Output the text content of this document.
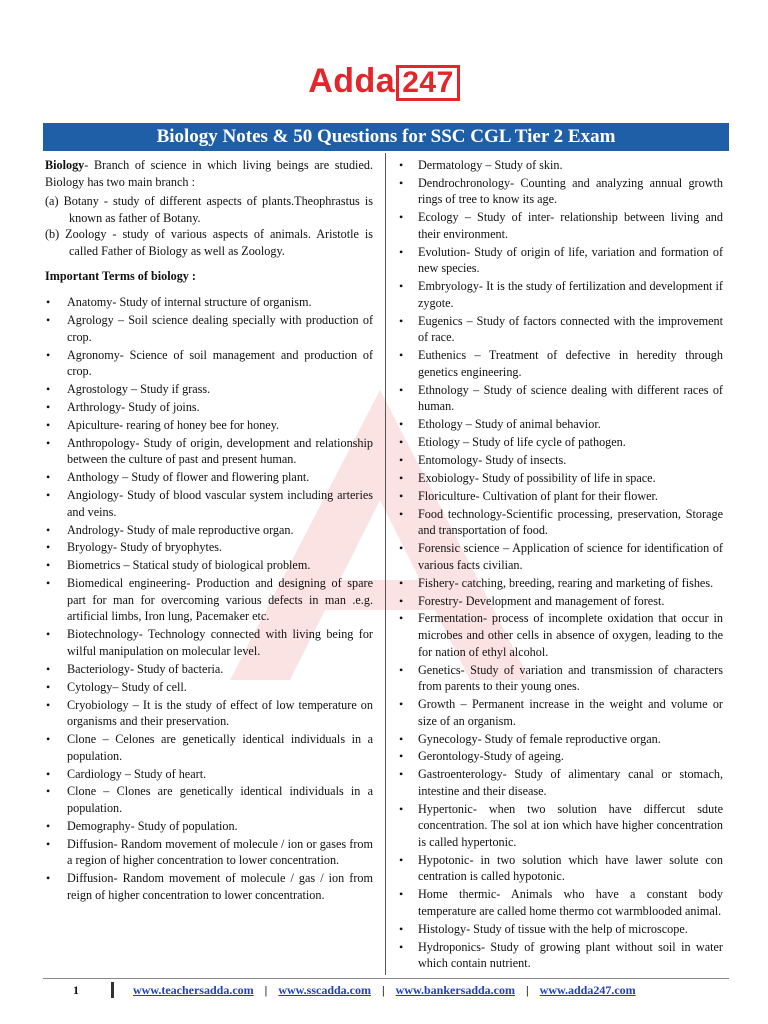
Adda 247
Biology Notes & 50 Questions for SSC CGL Tier 2 Exam

Biology- Branch of science in which living beings are studied. Biology has two main branch :

(a) Botany - study of different aspects of plants.Theophrastus is known as father of Botany.

(b) Zoology - study of various aspects of animals. Aristotle is called Father of Biology as well as Zoology.

Important Terms of biology :

• Anatomy- Study of internal structure of organism.
• Agrology – Soil science dealing specially with production of crop.
• Agronomy- Science of soil management and production of crop.
• Agrostology – Study if grass.
• Arthrology- Study of joins.
• Apiculture- rearing of honey bee for honey.
• Anthropology- Study of origin, development and relationship between the culture of past and present human.
• Anthology – Study of flower and flowering plant.
• Angiology- Study of blood vascular system including arteries and veins.
• Andrology- Study of male reproductive organ.
• Bryology- Study of bryophytes.
• Biometrics – Statical study of biological problem.
• Biomedical engineering- Production and designing of spare part for man for overcoming various defects in man .e.g. artificial limbs, Iron lung, Pacemaker etc.
• Biotechnology- Technology connected with living being for wilful manipulation on molecular level.
• Bacteriology- Study of bacteria.
• Cytology– Study of cell.
• Cryobiology – It is the study of effect of low temperature on organisms and their preservation.
• Clone – Celones are genetically identical individuals in a population.
• Cardiology – Study of heart.
• Clone – Clones are genetically identical individuals in a population.
• Demography- Study of population.
• Diffusion- Random movement of molecule / ion or gases from a region of higher concentration to lower concentration.
• Diffusion- Random movement of molecule / gas / ion from reign of higher concentration to lower concentration.
• Dermatology – Study of skin.
• Dendrochronology- Counting and analyzing annual growth rings of tree to know its age.
• Ecology – Study of inter- relationship between living and their environment.
• Evolution- Study of origin of life, variation and formation of new species.
• Embryology- It is the study of fertilization and development if zygote.
• Eugenics – Study of factors connected with the improvement of race.
• Euthenics – Treatment of defective in heredity through genetics engineering.
• Ethnology – Study of science dealing with different races of human.
• Ethology – Study of animal behavior.
• Etiology – Study of life cycle of pathogen.
• Entomology- Study of insects.
• Exobiology- Study of possibility of life in space.
• Floriculture- Cultivation of plant for their flower.
• Food technology-Scientific processing, preservation, Storage and transportation of food.
• Forensic science – Application of science for identification of various facts civilian.
• Fishery- catching, breeding, rearing and marketing of fishes.
• Forestry- Development and management of forest.
• Fermentation- process of incomplete oxidation that occur in microbes and other cells in absence of oxygen, leading to the for nation of ethyl alcohol.
• Genetics- Study of variation and transmission of characters from parents to their young ones.
• Growth – Permanent increase in the weight and volume or size of an organism.
• Gynecology- Study of female reproductive organ.
• Gerontology-Study of ageing.
• Gastroenterology- Study of alimentary canal or stomach, intestine and their disease.
• Hypertonic- when two solution have differcut sdute concentration. The sol at ion which have higher concentration is called hypertonic.
• Hypotonic- in two solution which have lawer solute con centration is called hypotonic.
• Home thermic- Animals who have a constant body temperature are called home thermo cot warmblooded animal.
• Histology- Study of tissue with the help of microscope.
• Hydroponics- Study of growing plant without soil in water which contain nutrient.
1	www.teachersadda.com | www.sscadda.com | www.bankersadda.com | www.adda247.com
